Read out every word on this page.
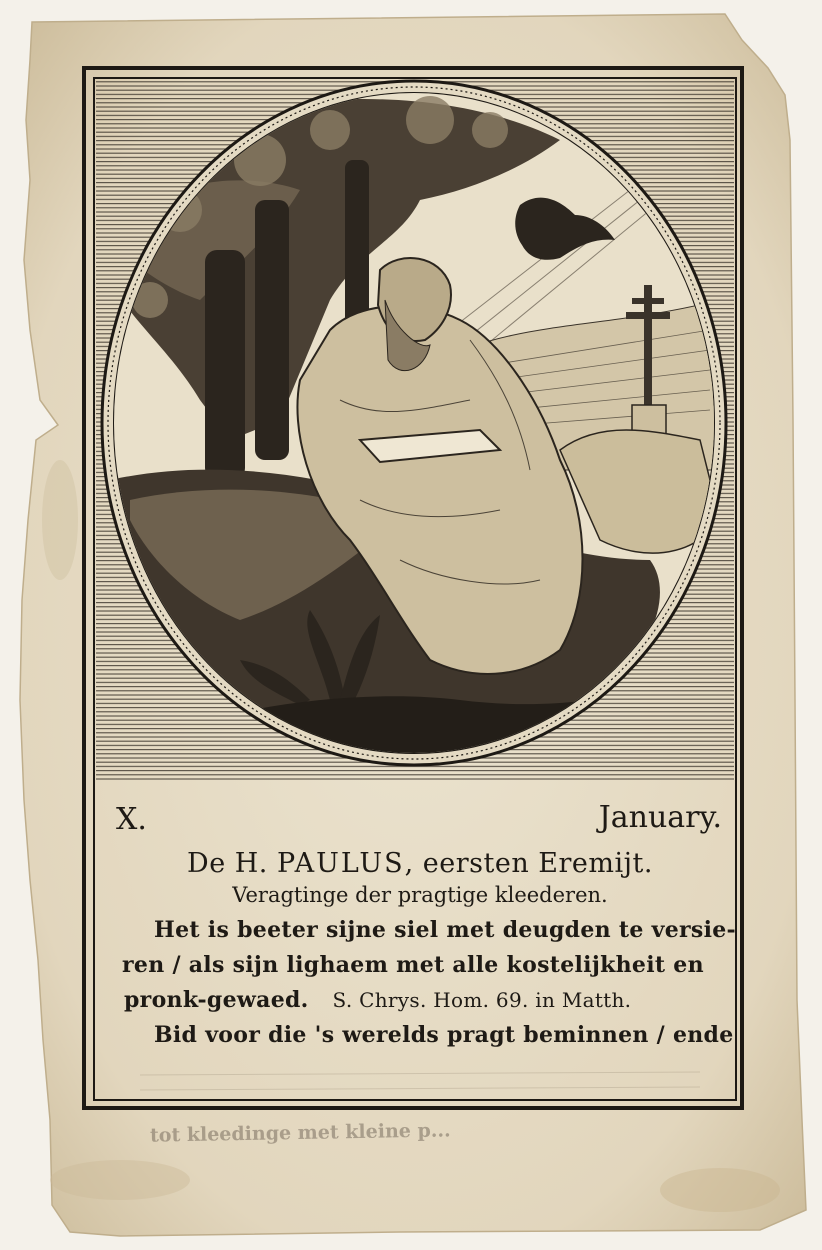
X.	January.
De H. PAULUS, eersten Eremijt.
Veragtinge der pragtige kleederen.
Het is beeter sijne siel met deugden te versie-
ren / als sijn lighaem met alle kostelijkheit en
pronk-gewaed. S. Chrys. Hom. 69. in Matth.
Bid voor die 's werelds pragt beminnen / ende
tot kleedinge met kleine p...
